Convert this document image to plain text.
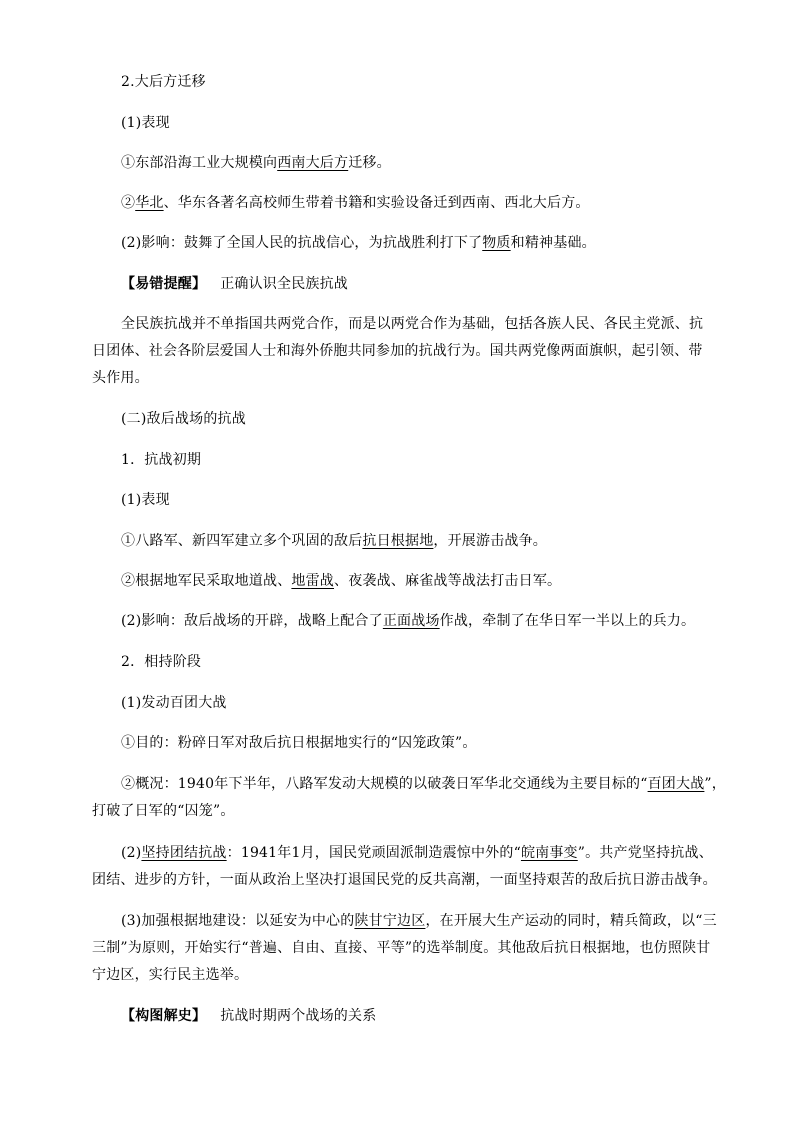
2.大后方迁移
(1)表现
①东部沿海工业大规模向西南大后方迁移。
②华北、华东各著名高校师生带着书籍和实验设备迁到西南、西北大后方。
(2)影响：鼓舞了全国人民的抗战信心，为抗战胜利打下了物质和精神基础。
【易错提醒】 正确认识全民族抗战
全民族抗战并不单指国共两党合作，而是以两党合作为基础，包括各族人民、各民主党派、抗
日团体、社会各阶层爱国人士和海外侨胞共同参加的抗战行为。国共两党像两面旗帜，起引领、带
头作用。
(二)敌后战场的抗战
1．抗战初期
(1)表现
①八路军、新四军建立多个巩固的敌后抗日根据地，开展游击战争。
②根据地军民采取地道战、地雷战、夜袭战、麻雀战等战法打击日军。
(2)影响：敌后战场的开辟，战略上配合了正面战场作战，牵制了在华日军一半以上的兵力。
2．相持阶段
(1)发动百团大战
①目的：粉碎日军对敌后抗日根据地实行的“囚笼政策”。
②概况：1940年下半年，八路军发动大规模的以破袭日军华北交通线为主要目标的“百团大战”，
打破了日军的“囚笼”。
(2)坚持团结抗战：1941年1月，国民党顽固派制造震惊中外的“皖南事变”。共产党坚持抗战、
团结、进步的方针，一面从政治上坚决打退国民党的反共高潮，一面坚持艰苦的敌后抗日游击战争。
(3)加强根据地建设：以延安为中心的陕甘宁边区，在开展大生产运动的同时，精兵简政，以“三
三制”为原则，开始实行“普遍、自由、直接、平等”的选举制度。其他敌后抗日根据地，也仿照陕甘
宁边区，实行民主选举。
【构图解史】 抗战时期两个战场的关系
